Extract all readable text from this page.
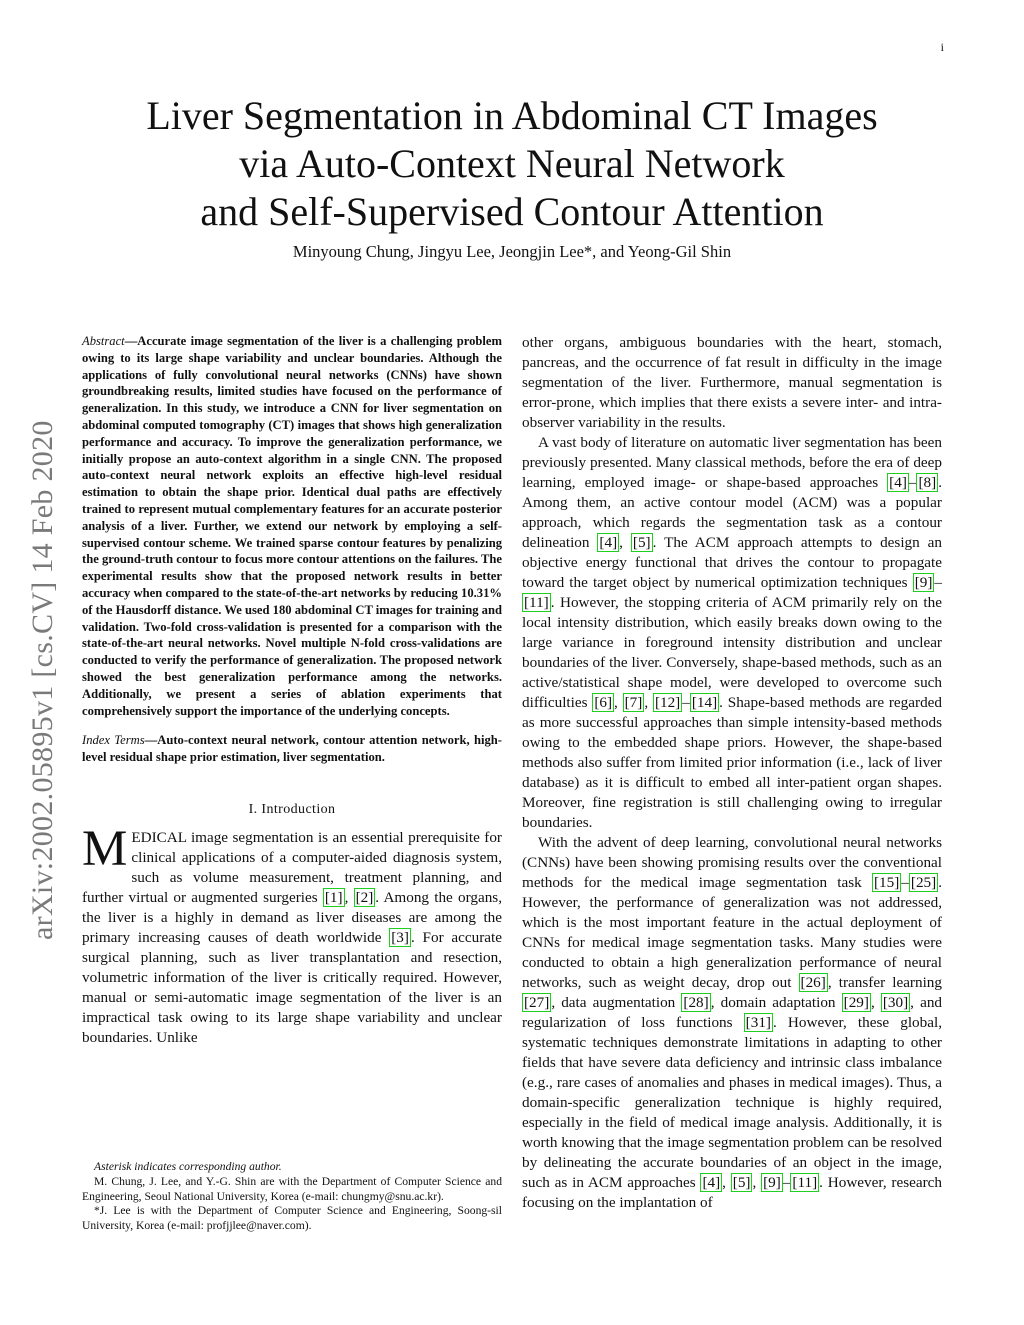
i
arXiv:2002.05895v1 [cs.CV] 14 Feb 2020
Liver Segmentation in Abdominal CT Images
via Auto-Context Neural Network
and Self-Supervised Contour Attention
Minyoung Chung, Jingyu Lee, Jeongjin Lee*, and Yeong-Gil Shin

Abstract—Accurate image segmentation of the liver is a challenging problem owing to its large shape variability and unclear boundaries. Although the applications of fully convolutional neural networks (CNNs) have shown groundbreaking results, limited studies have focused on the performance of generalization. In this study, we introduce a CNN for liver segmentation on abdominal computed tomography (CT) images that shows high generalization performance and accuracy. To improve the generalization performance, we initially propose an auto-context algorithm in a single CNN. The proposed auto-context neural network exploits an effective high-level residual estimation to obtain the shape prior. Identical dual paths are effectively trained to represent mutual complementary features for an accurate posterior analysis of a liver. Further, we extend our network by employing a self-supervised contour scheme. We trained sparse contour features by penalizing the ground-truth contour to focus more contour attentions on the failures. The experimental results show that the proposed network results in better accuracy when compared to the state-of-the-art networks by reducing 10.31% of the Hausdorff distance. We used 180 abdominal CT images for training and validation. Two-fold cross-validation is presented for a comparison with the state-of-the-art neural networks. Novel multiple N-fold cross-validations are conducted to verify the performance of generalization. The proposed network showed the best generalization performance among the networks. Additionally, we present a series of ablation experiments that comprehensively support the importance of the underlying concepts.

Index Terms—Auto-context neural network, contour attention network, high-level residual shape prior estimation, liver segmentation.

I. Introduction

MEDICAL image segmentation is an essential prerequisite for clinical applications of a computer-aided diagnosis system, such as volume measurement, treatment planning, and further virtual or augmented surgeries [1] , [2] . Among the organs, the liver is a highly in demand as liver diseases are among the primary increasing causes of death worldwide [3] . For accurate surgical planning, such as liver transplantation and resection, volumetric information of the liver is critically required. However, manual or semi-automatic image segmentation of the liver is an impractical task owing to its large shape variability and unclear boundaries. Unlike

Asterisk indicates corresponding author.

M. Chung, J. Lee, and Y.-G. Shin are with the Department of Computer Science and Engineering, Seoul National University, Korea (e-mail: chungmy@snu.ac.kr).

*J. Lee is with the Department of Computer Science and Engineering, Soong-sil University, Korea (e-mail: profjjlee@naver.com).

other organs, ambiguous boundaries with the heart, stomach, pancreas, and the occurrence of fat result in difficulty in the image segmentation of the liver. Furthermore, manual segmentation is error-prone, which implies that there exists a severe inter- and intra-observer variability in the results.

A vast body of literature on automatic liver segmentation has been previously presented. Many classical methods, before the era of deep learning, employed image- or shape-based approaches [4] – [8] . Among them, an active contour model (ACM) was a popular approach, which regards the segmentation task as a contour delineation [4] , [5] . The ACM approach attempts to design an objective energy functional that drives the contour to propagate toward the target object by numerical optimization techniques [9] –[11] . However, the stopping criteria of ACM primarily rely on the local intensity distribution, which easily breaks down owing to the large variance in foreground intensity distribution and unclear boundaries of the liver. Conversely, shape-based methods, such as an active/statistical shape model, were developed to overcome such difficulties [6] , [7] , [12] – [14] . Shape-based methods are regarded as more successful approaches than simple intensity-based methods owing to the embedded shape priors. However, the shape-based methods also suffer from limited prior information (i.e., lack of liver database) as it is difficult to embed all inter-patient organ shapes. Moreover, fine registration is still challenging owing to irregular boundaries.

With the advent of deep learning, convolutional neural networks (CNNs) have been showing promising results over the conventional methods for the medical image segmentation task [15] – [25] . However, the performance of generalization was not addressed, which is the most important feature in the actual deployment of CNNs for medical image segmentation tasks. Many studies were conducted to obtain a high generalization performance of neural networks, such as weight decay, drop out [26] , transfer learning [27] , data augmentation [28] , domain adaptation [29] , [30] , and regularization of loss functions [31] . However, these global, systematic techniques demonstrate limitations in adapting to other fields that have severe data deficiency and intrinsic class imbalance (e.g., rare cases of anomalies and phases in medical images). Thus, a domain-specific generalization technique is highly required, especially in the field of medical image analysis. Additionally, it is worth knowing that the image segmentation problem can be resolved by delineating the accurate boundaries of an object in the image, such as in ACM approaches [4] , [5] , [9] – [11] . However, research focusing on the implantation of
